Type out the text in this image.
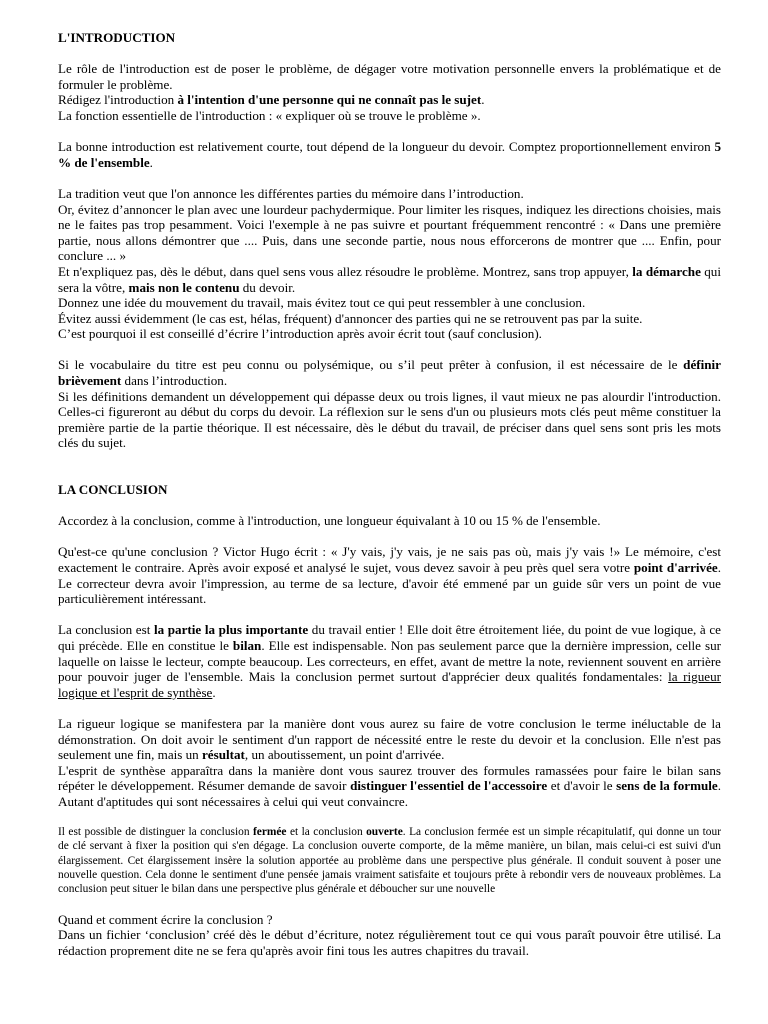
L'INTRODUCTION

Le rôle de l'introduction est de poser le problème, de dégager votre motivation personnelle envers la problématique et de formuler le problème.

Rédigez l'introduction à l'intention d'une personne qui ne connaît pas le sujet.

La fonction essentielle de l'introduction : « expliquer où se trouve le problème ».

La bonne introduction est relativement courte, tout dépend de la longueur du devoir. Comptez proportionnellement environ 5 % de l'ensemble.

La tradition veut que l'on annonce les différentes parties du mémoire dans l’introduction.

Or, évitez d’annoncer le plan avec une lourdeur pachydermique. Pour limiter les risques, indiquez les directions choisies, mais ne le faites pas trop pesamment. Voici l'exemple à ne pas suivre et pourtant fréquemment rencontré : « Dans une première partie, nous allons démontrer que .... Puis, dans une seconde partie, nous nous efforcerons de montrer que .... Enfin, pour conclure ... »

Et n'expliquez pas, dès le début, dans quel sens vous allez résoudre le problème. Montrez, sans trop appuyer, la démarche qui sera la vôtre, mais non le contenu du devoir.

Donnez une idée du mouvement du travail, mais évitez tout ce qui peut ressembler à une conclusion.

Évitez aussi évidemment (le cas est, hélas, fréquent) d'annoncer des parties qui ne se retrouvent pas par la suite.

C’est pourquoi il est conseillé d’écrire l’introduction après avoir écrit tout (sauf conclusion).

Si le vocabulaire du titre est peu connu ou polysémique, ou s’il peut prêter à confusion, il est nécessaire de le définir brièvement dans l’introduction.

Si les définitions demandent un développement qui dépasse deux ou trois lignes, il vaut mieux ne pas alourdir l'introduction. Celles-ci figureront au début du corps du devoir. La réflexion sur le sens d'un ou plusieurs mots clés peut même constituer la première partie de la partie théorique. Il est nécessaire, dès le début du travail, de préciser dans quel sens sont pris les mots clés du sujet.

LA CONCLUSION

Accordez à la conclusion, comme à l'introduction, une longueur équivalant à 10 ou 15 % de l'ensemble.

Qu'est-ce qu'une conclusion ? Victor Hugo écrit : « J'y vais, j'y vais, je ne sais pas où, mais j'y vais !» Le mémoire, c'est exactement le contraire. Après avoir exposé et analysé le sujet, vous devez savoir à peu près quel sera votre point d'arrivée. Le correcteur devra avoir l'impression, au terme de sa lecture, d'avoir été emmené par un guide sûr vers un point de vue particulièrement intéressant.

La conclusion est la partie la plus importante du travail entier ! Elle doit être étroitement liée, du point de vue logique, à ce qui précède. Elle en constitue le bilan. Elle est indispensable. Non pas seulement parce que la dernière impression, celle sur laquelle on laisse le lecteur, compte beaucoup. Les correcteurs, en effet, avant de mettre la note, reviennent souvent en arrière pour pouvoir juger de l'ensemble. Mais la conclusion permet surtout d'apprécier deux qualités fondamentales: la rigueur logique et l'esprit de synthèse.

La rigueur logique se manifestera par la manière dont vous aurez su faire de votre conclusion le terme inéluctable de la démonstration. On doit avoir le sentiment d'un rapport de nécessité entre le reste du devoir et la conclusion. Elle n'est pas seulement une fin, mais un résultat, un aboutissement, un point d'arrivée.

L'esprit de synthèse apparaîtra dans la manière dont vous saurez trouver des formules ramassées pour faire le bilan sans répéter le développement. Résumer demande de savoir distinguer l'essentiel de l'accessoire et d'avoir le sens de la formule. Autant d'aptitudes qui sont nécessaires à celui qui veut convaincre.

Il est possible de distinguer la conclusion fermée et la conclusion ouverte. La conclusion fermée est un simple récapitulatif, qui donne un tour de clé servant à fixer la position qui s'en dégage. La conclusion ouverte comporte, de la même manière, un bilan, mais celui-ci est suivi d'un élargissement. Cet élargissement insère la solution apportée au problème dans une perspective plus générale. Il conduit souvent à poser une nouvelle question. Cela donne le sentiment d'une pensée jamais vraiment satisfaite et toujours prête à rebondir vers de nouveaux problèmes. La conclusion peut situer le bilan dans une perspective plus générale et déboucher sur une nouvelle

Quand et comment écrire la conclusion ?

Dans un fichier ‘conclusion’ créé dès le début d’écriture, notez régulièrement tout ce qui vous paraît pouvoir être utilisé. La rédaction proprement dite ne se fera qu'après avoir fini tous les autres chapitres du travail.
